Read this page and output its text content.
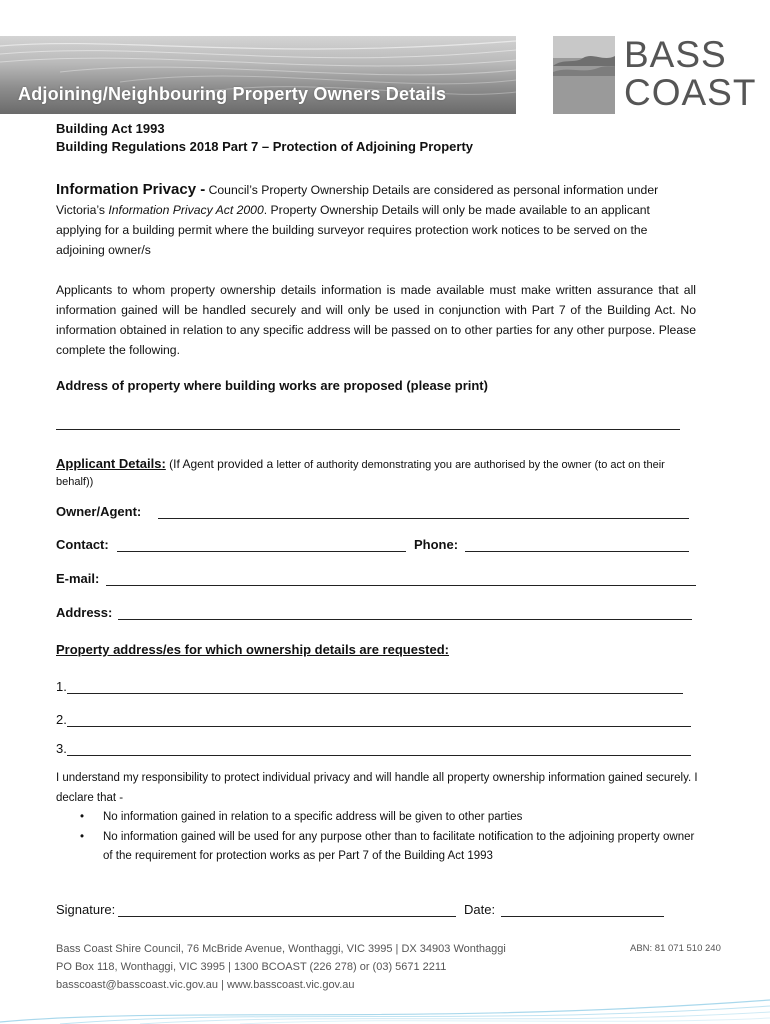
Adjoining/Neighbouring Property Owners Details
BASS
COAST
Building Act 1993
Building Regulations 2018 Part 7 – Protection of Adjoining Property
Information Privacy - Council’s Property Ownership Details are considered as personal information under Victoria’s Information Privacy Act 2000. Property Ownership Details will only be made available to an applicant applying for a building permit where the building surveyor requires protection work notices to be served on the adjoining owner/s
Applicants to whom property ownership details information is made available must make written assurance that all information gained will be handled securely and will only be used in conjunction with Part 7 of the Building Act. No information obtained in relation to any specific address will be passed on to other parties for any other purpose. Please complete the following.
Address of property where building works are proposed (please print)
Applicant Details: (If Agent provided a letter of authority demonstrating you are authorised by the owner (to act on their behalf))
Owner/Agent:
Contact:	Phone:
E-mail:
Address:
Property address/es for which ownership details are requested:
1.
2.
3.
I understand my responsibility to protect individual privacy and will handle all property ownership information gained securely. I declare that -
• No information gained in relation to a specific address will be given to other parties
• No information gained will be used for any purpose other than to facilitate notification to the adjoining property owner of the requirement for protection works as per Part 7 of the Building Act 1993
Signature:	Date:
Bass Coast Shire Council, 76 McBride Avenue, Wonthaggi, VIC 3995 | DX 34903 Wonthaggi
PO Box 118, Wonthaggi, VIC 3995 | 1300 BCOAST (226 278) or (03) 5671 2211
basscoast@basscoast.vic.gov.au | www.basscoast.vic.gov.au
ABN: 81 071 510 240
